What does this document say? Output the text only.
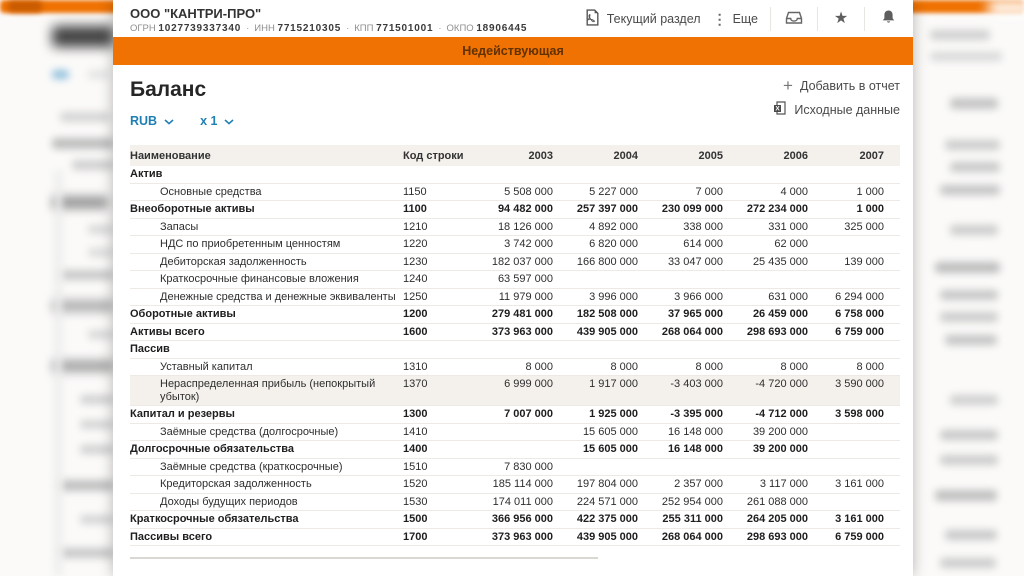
ООО "КАНТРИ-ПРО"
ОГРН 1027739337340 · ИНН 7715210305 · КПП 771501001 · ОКПО 18906445
Текущий раздел ⋮ Еще	★
Недействующая
Баланс
RUB	x 1
+ Добавить в отчет
X Исходные данные
Наименование	Код строки	2003	2004	2005	2006	2007
Актив						
Основные средства	1150	5 508 000	5 227 000	7 000	4 000	1 000
Внеоборотные активы	1100	94 482 000	257 397 000	230 099 000	272 234 000	1 000
Запасы	1210	18 126 000	4 892 000	338 000	331 000	325 000
НДС по приобретенным ценностям	1220	3 742 000	6 820 000	614 000	62 000	
Дебиторская задолженность	1230	182 037 000	166 800 000	33 047 000	25 435 000	139 000
Краткосрочные финансовые вложения	1240	63 597 000				
Денежные средства и денежные эквиваленты	1250	11 979 000	3 996 000	3 966 000	631 000	6 294 000
Оборотные активы	1200	279 481 000	182 508 000	37 965 000	26 459 000	6 758 000
Активы всего	1600	373 963 000	439 905 000	268 064 000	298 693 000	6 759 000
Пассив						
Уставный капитал	1310	8 000	8 000	8 000	8 000	8 000
Нераспределенная прибыль (непокрытый убыток)	1370	6 999 000	1 917 000	-3 403 000	-4 720 000	3 590 000
Капитал и резервы	1300	7 007 000	1 925 000	-3 395 000	-4 712 000	3 598 000
Заёмные средства (долгосрочные)	1410		15 605 000	16 148 000	39 200 000	
Долгосрочные обязательства	1400		15 605 000	16 148 000	39 200 000	
Заёмные средства (краткосрочные)	1510	7 830 000				
Кредиторская задолженность	1520	185 114 000	197 804 000	2 357 000	3 117 000	3 161 000
Доходы будущих периодов	1530	174 011 000	224 571 000	252 954 000	261 088 000	
Краткосрочные обязательства	1500	366 956 000	422 375 000	255 311 000	264 205 000	3 161 000
Пассивы всего	1700	373 963 000	439 905 000	268 064 000	298 693 000	6 759 000
